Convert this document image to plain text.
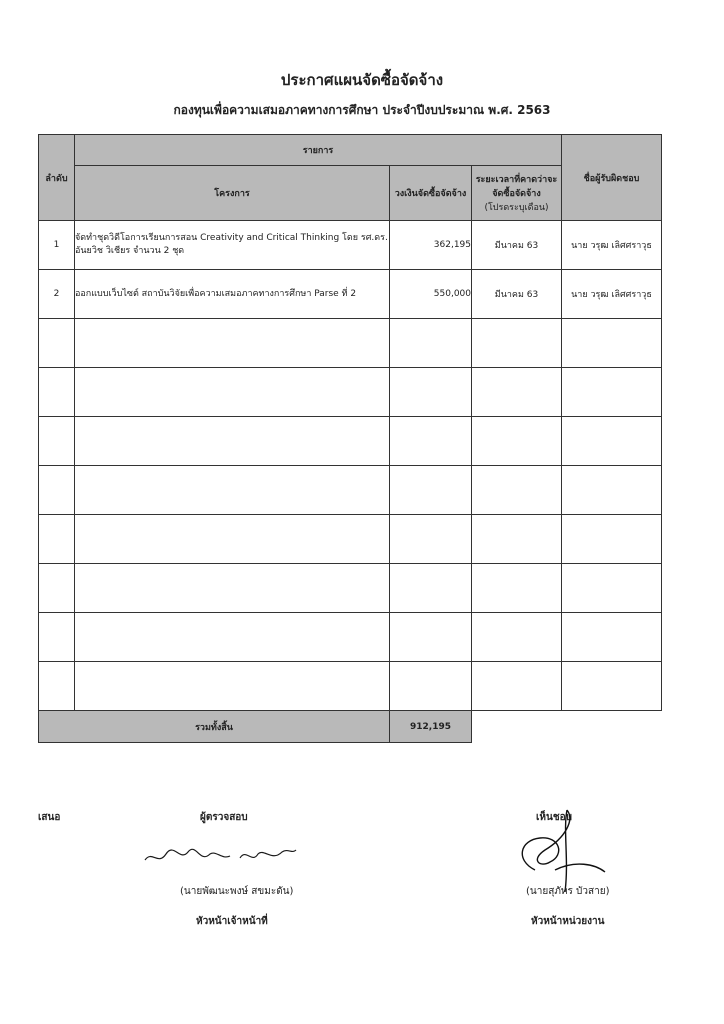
ประกาศแผนจัดซื้อจัดจ้าง
กองทุนเพื่อความเสมอภาคทางการศึกษา ประจำปีงบประมาณ พ.ศ. 2563
ลำดับ	รายการ			ชื่อผู้รับผิดชอบ
	โครงการ	วงเงินจัดซื้อจัดจ้าง	ระยะเวลาที่คาดว่าจะจัดซื้อจัดจ้าง
(โปรดระบุเดือน)	

1	จัดทำชุดวิดีโอการเรียนการสอน Creativity and Critical Thinking โดย รศ.ดร. อันยวิช วิเชียร จำนวน 2 ชุด	362,195	มีนาคม 63	นาย วรุฒ เลิศศราวุธ
2	ออกแบบเว็บไซต์ สถาบันวิจัยเพื่อความเสมอภาคทางการศึกษา Parse ที่ 2	550,000	มีนาคม 63	นาย วรุฒ เลิศศราวุธ

รวมทั้งสิ้น		912,195		
เสนอ	ผู้ตรวจสอบ	เห็นชอบ
(นายพัฒนะพงษ์ สขมะดัน)	(นายสุภัทร บัวสาย)
หัวหน้าเจ้าหน้าที่	หัวหน้าหน่วยงาน
